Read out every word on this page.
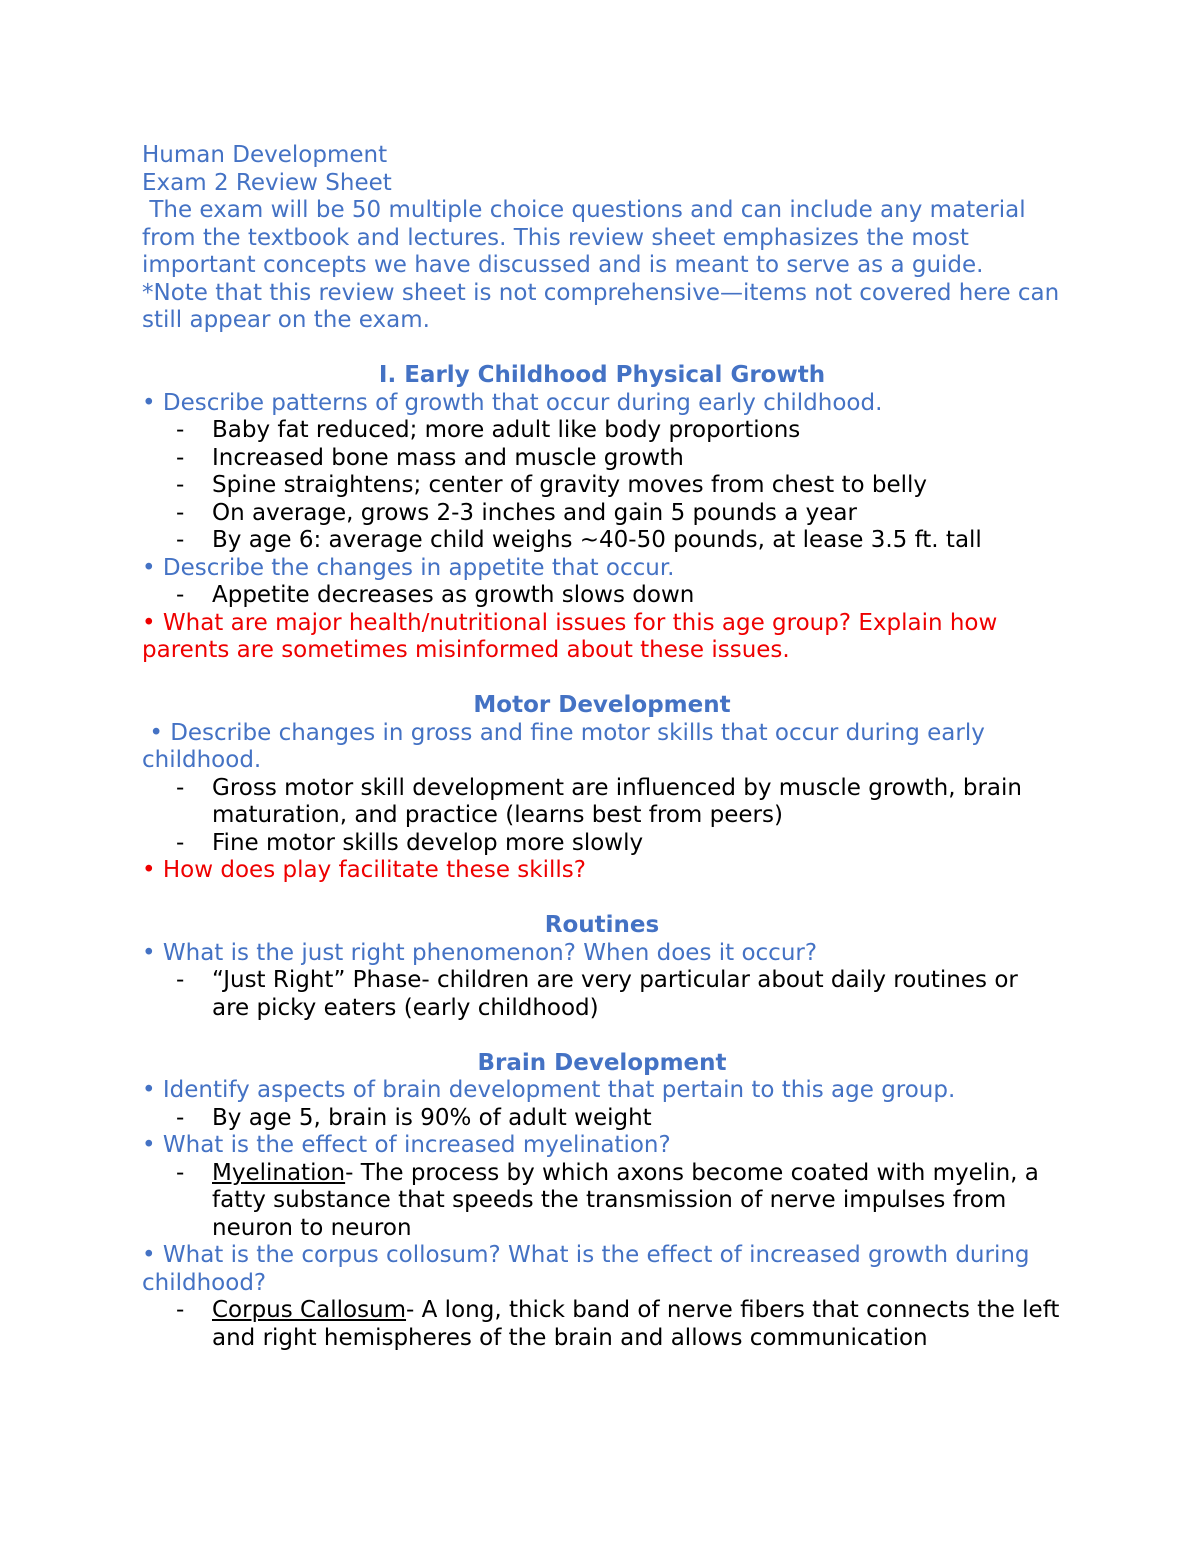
Human Development
Exam 2 Review Sheet
The exam will be 50 multiple choice questions and can include any material from the textbook and lectures. This review sheet emphasizes the most important concepts we have discussed and is meant to serve as a guide.
*Note that this review sheet is not comprehensive—items not covered here can still appear on the exam.
I. Early Childhood Physical Growth
• Describe patterns of growth that occur during early childhood.
- Baby fat reduced; more adult like body proportions
- Increased bone mass and muscle growth
- Spine straightens; center of gravity moves from chest to belly
- On average, grows 2-3 inches and gain 5 pounds a year
- By age 6: average child weighs ~40-50 pounds, at lease 3.5 ft. tall
• Describe the changes in appetite that occur.
- Appetite decreases as growth slows down
• What are major health/nutritional issues for this age group? Explain how parents are sometimes misinformed about these issues.
Motor Development
• Describe changes in gross and fine motor skills that occur during early childhood.
- Gross motor skill development are influenced by muscle growth, brain maturation, and practice (learns best from peers)
- Fine motor skills develop more slowly
• How does play facilitate these skills?
Routines
• What is the just right phenomenon? When does it occur?
- “Just Right” Phase- children are very particular about daily routines or are picky eaters (early childhood)
Brain Development
• Identify aspects of brain development that pertain to this age group.
- By age 5, brain is 90% of adult weight
• What is the effect of increased myelination?
- Myelination- The process by which axons become coated with myelin, a fatty substance that speeds the transmission of nerve impulses from neuron to neuron
• What is the corpus collosum? What is the effect of increased growth during childhood?
- Corpus Callosum- A long, thick band of nerve fibers that connects the left and right hemispheres of the brain and allows communication
